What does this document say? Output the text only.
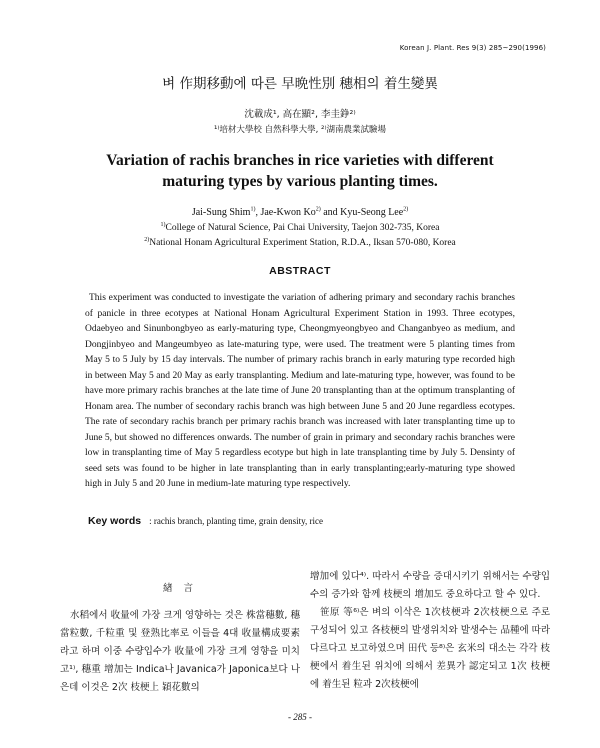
Korean J. Plant. Res 9(3) 285~290(1996)
벼 作期移動에 따른 早晩性別 穗相의 着生變異
沈載成¹, 高在顯², 李圭錚²⁾
¹⁾培材大學校 自然科學大學, ²⁾湖南農業試驗場
Variation of rachis branches in rice varieties with different
maturing types by various planting times.
Jai-Sung Shim$^{1)}$, Jae-Kwon Ko$^{2)}$ and Kyu-Seong Lee$^{2)}$
$^{1)}$College of Natural Science, Pai Chai University, Taejon 302-735, Korea
$^{2)}$National Honam Agricultural Experiment Station, R.D.A., Iksan 570-080, Korea
ABSTRACT
This experiment was conducted to investigate the variation of adhering primary and secondary rachis branches of panicle in three ecotypes at National Honam Agricultural Experiment Station in 1993. Three ecotypes, Odaebyeo and Sinunbongbyeo as early-maturing type, Cheongmyeongbyeo and Changanbyeo as medium, and Dongjinbyeo and Mangeumbyeo as late-maturing type, were used. The treatment were 5 planting times from May 5 to 5 July by 15 day intervals. The number of primary rachis branch in early maturing type recorded high in between May 5 and 20 May as early transplanting. Medium and late-maturing type, however, was found to be have more primary rachis branches at the late time of June 20 transplanting than at the optimum transplanting of Honam area. The number of secondary rachis branch was high between June 5 and 20 June regardless ecotypes. The rate of secondary rachis branch per primary rachis branch was increased with later transplanting time up to June 5, but showed no differences onwards. The number of grain in primary and secondary rachis branches were low in transplanting time of May 5 regardless ecotype but high in late transplanting time by July 5. Densinty of seed sets was found to be higher in late transplanting than in early transplanting;early-maturing type showed high in July 5 and 20 June in medium-late maturing type respectively.
Key words : rachis branch, planting time, grain density, rice
緖 言
水稻에서 收量에 가장 크게 영향하는 것은 株當穗數, 穗當粒數, 千粒重 및 登熟比率로 이들을 4대 收量構成要素라고 하며 이중 수량입수가 收量에 가장 크게 영향을 미치고¹⁾, 穗重 增加는 Indica나 Javanica가 Japonica보다 나은데 이것은 2次 枝梗上 穎花數의
增加에 있다⁴⁾. 따라서 수량을 증대시키기 위해서는 수량입수의 증가와 함께 枝梗의 增加도 중요하다고 할 수 있다.
笹原 等⁶⁾은 벼의 이삭은 1次枝梗과 2次枝梗으로 주로 구성되어 있고 各枝梗의 발생위치와 발생수는 品種에 따라 다르다고 보고하였으며 田代 등⁸⁾은 玄米의 대소는 각각 枝梗에서 着生된 위치에 의해서 差異가 認定되고 1次 枝梗에 着生된 粒과 2次枝梗에
- 285 -
